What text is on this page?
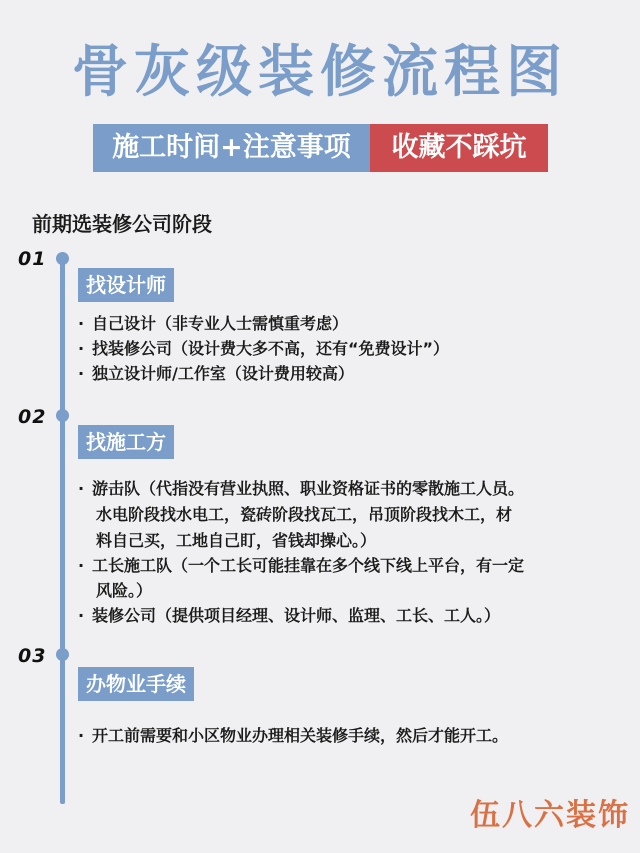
骨灰级装修流程图
施工时间+注意事项	收藏不踩坑
前期选装修公司阶段
01
找设计师
· 自己设计（非专业人士需慎重考虑）
· 找装修公司（设计费大多不高，还有“免费设计”）
· 独立设计师/工作室（设计费用较高）
02
找施工方
· 游击队（代指没有营业执照、职业资格证书的零散施工人员。
水电阶段找水电工，瓷砖阶段找瓦工，吊顶阶段找木工，材
料自己买，工地自己盯，省钱却操心。）
· 工长施工队（一个工长可能挂靠在多个线下线上平台，有一定
风险。）
· 装修公司（提供项目经理、设计师、监理、工长、工人。）
03
办物业手续
· 开工前需要和小区物业办理相关装修手续，然后才能开工。
伍八六装饰
